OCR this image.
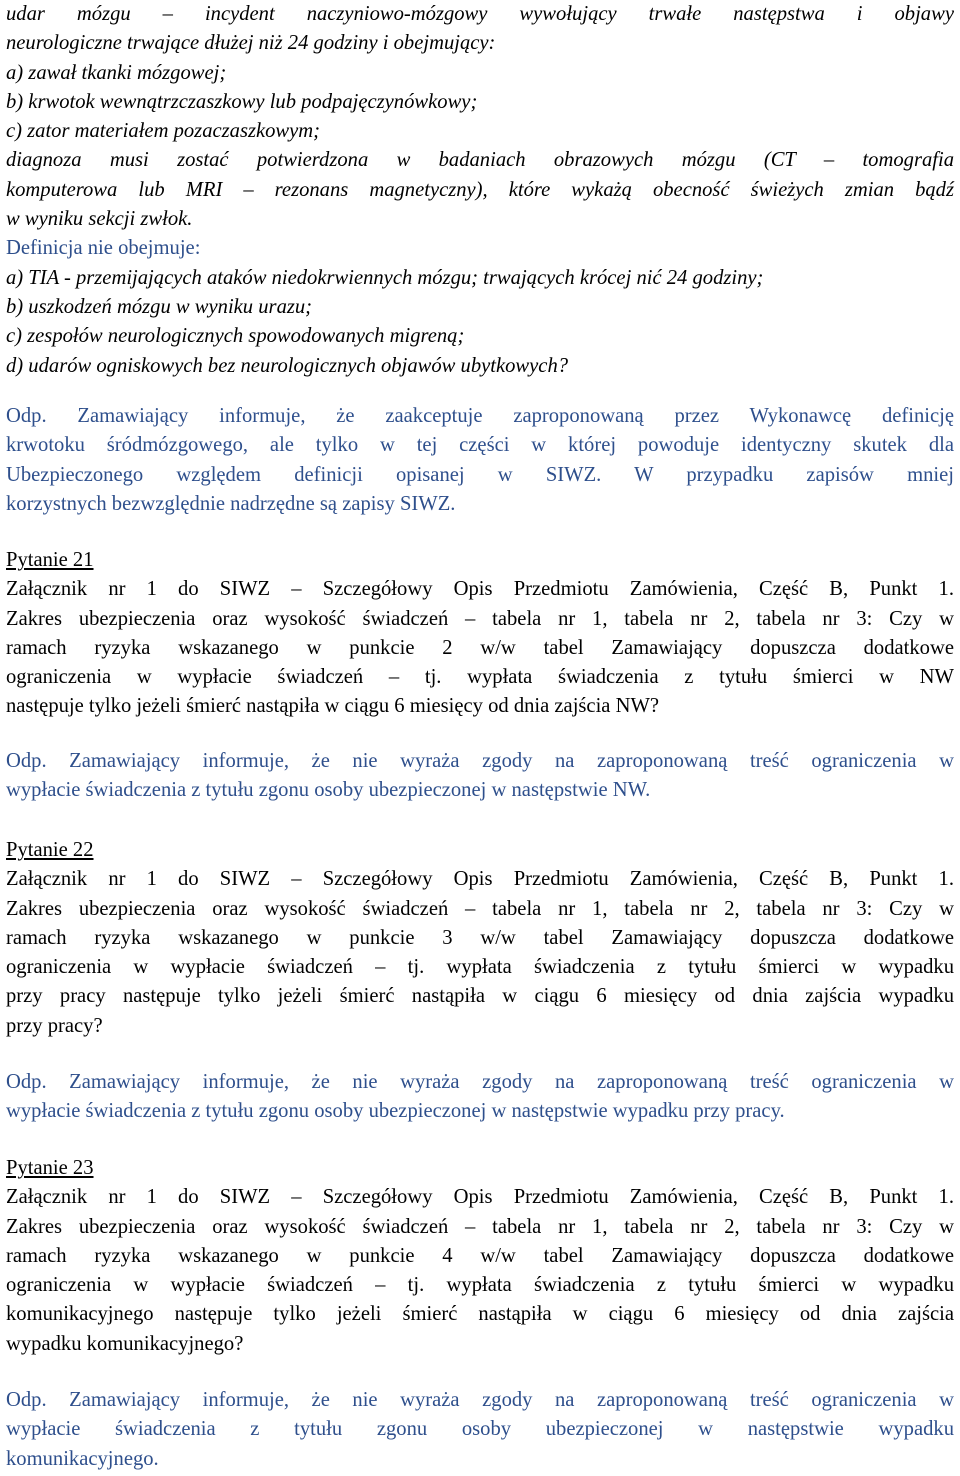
udar mózgu – incydent naczyniowo-mózgowy wywołujący trwałe następstwa i objawy
neurologiczne trwające dłużej niż 24 godziny i obejmujący:
a) zawał tkanki mózgowej;
b) krwotok wewnątrzczaszkowy lub podpajęczynówkowy;
c) zator materiałem pozaczaszkowym;
diagnoza musi zostać potwierdzona w badaniach obrazowych mózgu (CT – tomografia
komputerowa lub MRI – rezonans magnetyczny), które wykażą obecność świeżych zmian bądź
w wyniku sekcji zwłok.
Definicja nie obejmuje:
a) TIA - przemijających ataków niedokrwiennych mózgu; trwających krócej nić 24 godziny;
b) uszkodzeń mózgu w wyniku urazu;
c) zespołów neurologicznych spowodowanych migreną;
d) udarów ogniskowych bez neurologicznych objawów ubytkowych?
Odp. Zamawiający informuje, że zaakceptuje zaproponowaną przez Wykonawcę definicję
krwotoku śródmózgowego, ale tylko w tej części w której powoduje identyczny skutek dla
Ubezpieczonego względem definicji opisanej w SIWZ. W przypadku zapisów mniej
korzystnych bezwzględnie nadrzędne są zapisy SIWZ.
Pytanie 21
Załącznik nr 1 do SIWZ – Szczegółowy Opis Przedmiotu Zamówienia, Część B, Punkt 1.
Zakres ubezpieczenia oraz wysokość świadczeń – tabela nr 1, tabela nr 2, tabela nr 3: Czy w
ramach ryzyka wskazanego w punkcie 2 w/w tabel Zamawiający dopuszcza dodatkowe
ograniczenia w wypłacie świadczeń – tj. wypłata świadczenia z tytułu śmierci w NW
następuje tylko jeżeli śmierć nastąpiła w ciągu 6 miesięcy od dnia zajścia NW?
Odp. Zamawiający informuje, że nie wyraża zgody na zaproponowaną treść ograniczenia w
wypłacie świadczenia z tytułu zgonu osoby ubezpieczonej w następstwie NW.
Pytanie 22
Załącznik nr 1 do SIWZ – Szczegółowy Opis Przedmiotu Zamówienia, Część B, Punkt 1.
Zakres ubezpieczenia oraz wysokość świadczeń – tabela nr 1, tabela nr 2, tabela nr 3: Czy w
ramach ryzyka wskazanego w punkcie 3 w/w tabel Zamawiający dopuszcza dodatkowe
ograniczenia w wypłacie świadczeń – tj. wypłata świadczenia z tytułu śmierci w wypadku
przy pracy następuje tylko jeżeli śmierć nastąpiła w ciągu 6 miesięcy od dnia zajścia wypadku
przy pracy?
Odp. Zamawiający informuje, że nie wyraża zgody na zaproponowaną treść ograniczenia w
wypłacie świadczenia z tytułu zgonu osoby ubezpieczonej w następstwie wypadku przy pracy.
Pytanie 23
Załącznik nr 1 do SIWZ – Szczegółowy Opis Przedmiotu Zamówienia, Część B, Punkt 1.
Zakres ubezpieczenia oraz wysokość świadczeń – tabela nr 1, tabela nr 2, tabela nr 3: Czy w
ramach ryzyka wskazanego w punkcie 4 w/w tabel Zamawiający dopuszcza dodatkowe
ograniczenia w wypłacie świadczeń – tj. wypłata świadczenia z tytułu śmierci w wypadku
komunikacyjnego następuje tylko jeżeli śmierć nastąpiła w ciągu 6 miesięcy od dnia zajścia
wypadku komunikacyjnego?
Odp. Zamawiający informuje, że nie wyraża zgody na zaproponowaną treść ograniczenia w
wypłacie świadczenia z tytułu zgonu osoby ubezpieczonej w następstwie wypadku
komunikacyjnego.
